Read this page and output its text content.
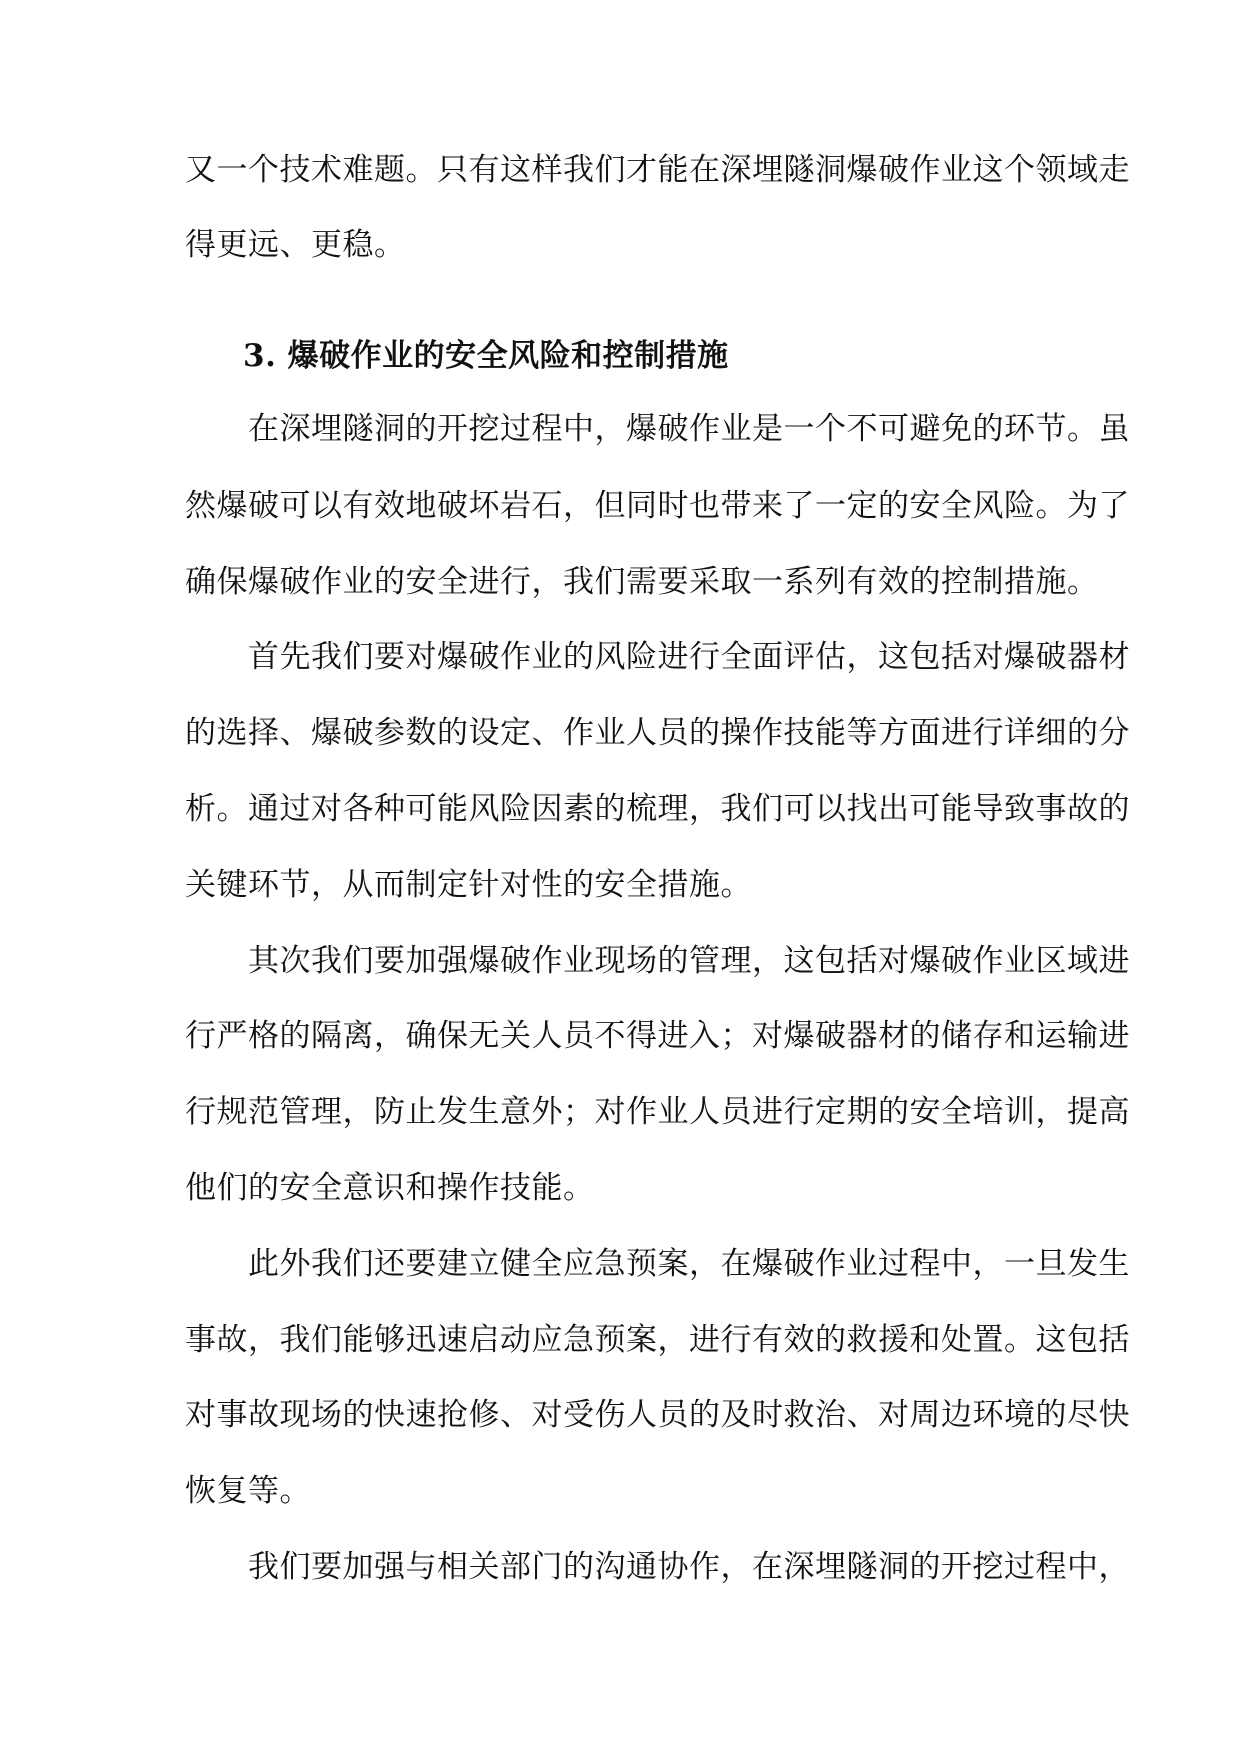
又一个技术难题。只有这样我们才能在深埋隧洞爆破作业这个领域走
得更远、更稳。
3. 爆破作业的安全风险和控制措施
在深埋隧洞的开挖过程中，爆破作业是一个不可避免的环节。虽
然爆破可以有效地破坏岩石，但同时也带来了一定的安全风险。为了
确保爆破作业的安全进行，我们需要采取一系列有效的控制措施。
首先我们要对爆破作业的风险进行全面评估，这包括对爆破器材
的选择、爆破参数的设定、作业人员的操作技能等方面进行详细的分
析。通过对各种可能风险因素的梳理，我们可以找出可能导致事故的
关键环节，从而制定针对性的安全措施。
其次我们要加强爆破作业现场的管理，这包括对爆破作业区域进
行严格的隔离，确保无关人员不得进入；对爆破器材的储存和运输进
行规范管理，防止发生意外；对作业人员进行定期的安全培训，提高
他们的安全意识和操作技能。
此外我们还要建立健全应急预案，在爆破作业过程中，一旦发生
事故，我们能够迅速启动应急预案，进行有效的救援和处置。这包括
对事故现场的快速抢修、对受伤人员的及时救治、对周边环境的尽快
恢复等。
我们要加强与相关部门的沟通协作，在深埋隧洞的开挖过程中，
